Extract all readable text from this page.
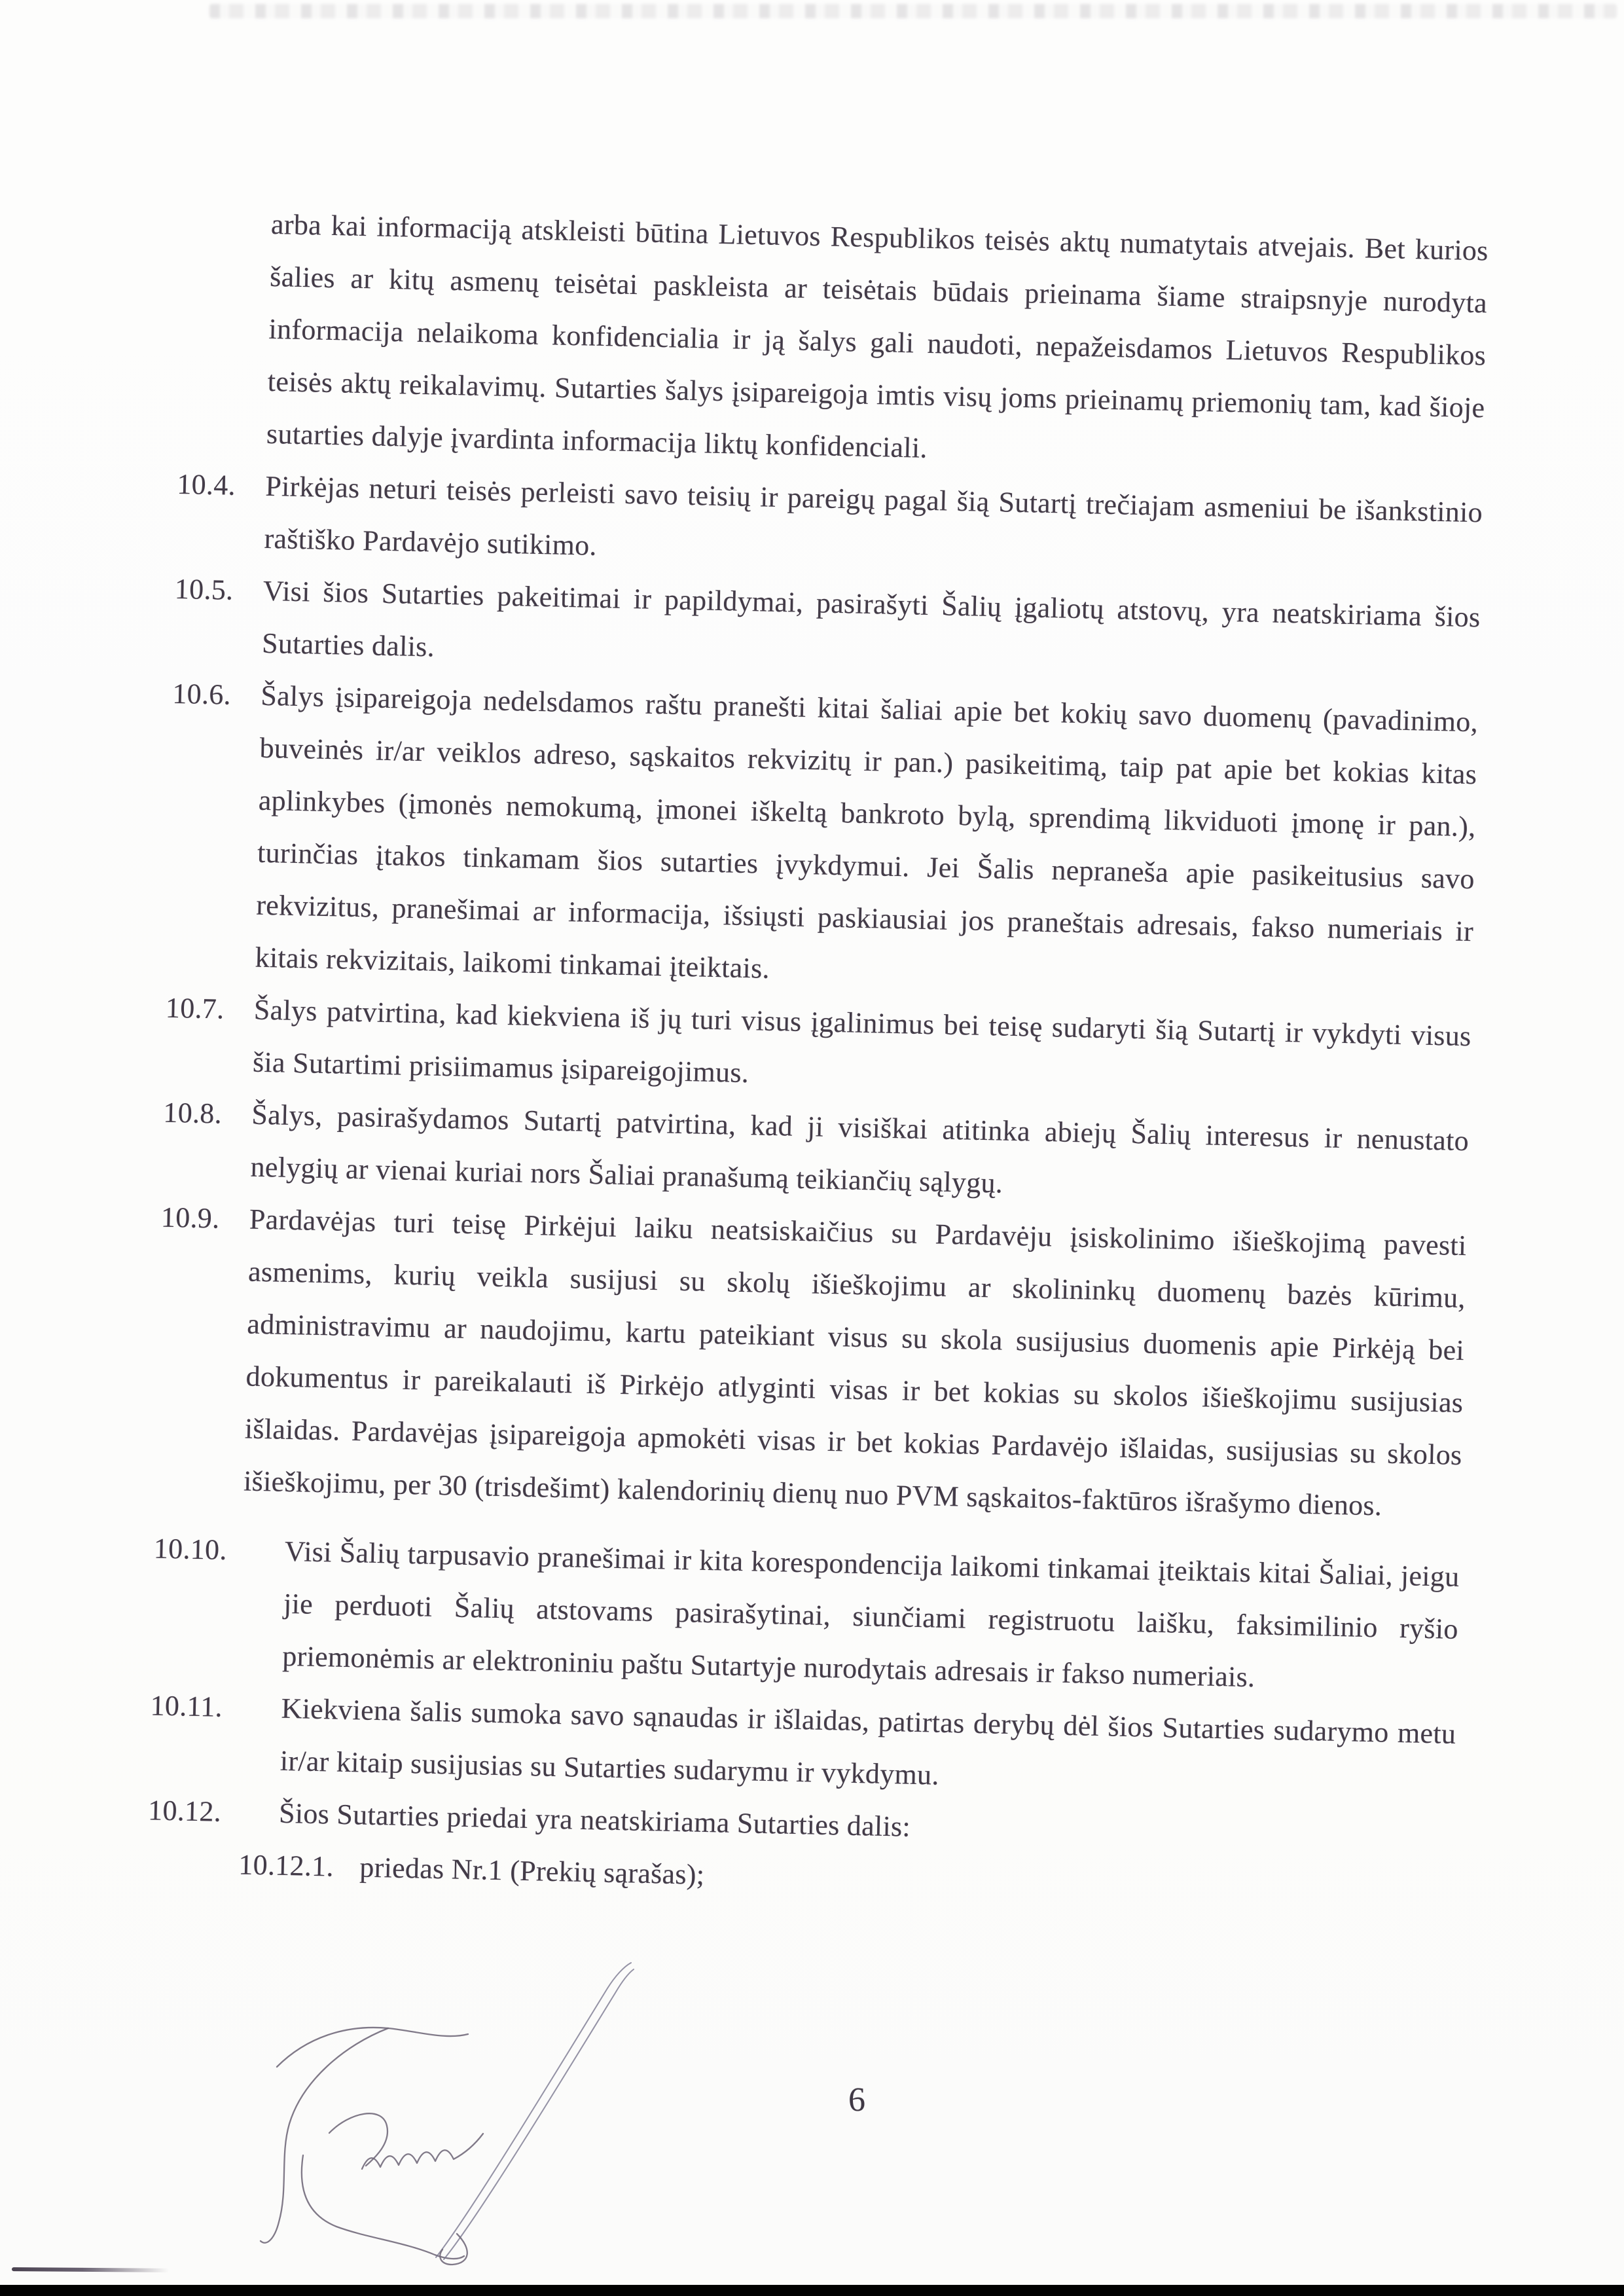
arba kai informaciją atskleisti būtina Lietuvos Respublikos teisės aktų numatytais atvejais. Bet kurios šalies ar kitų asmenų teisėtai paskleista ar teisėtais būdais prieinama šiame straipsnyje nurodyta informacija nelaikoma konfidencialia ir ją šalys gali naudoti, nepažeisdamos Lietuvos Respublikos teisės aktų reikalavimų. Sutarties šalys įsipareigoja imtis visų joms prieinamų priemonių tam, kad šioje sutarties dalyje įvardinta informacija liktų konfidenciali.

10.4. Pirkėjas neturi teisės perleisti savo teisių ir pareigų pagal šią Sutartį trečiajam asmeniui be išankstinio raštiško Pardavėjo sutikimo.
10.5. Visi šios Sutarties pakeitimai ir papildymai, pasirašyti Šalių įgaliotų atstovų, yra neatskiriama šios Sutarties dalis.
10.6. Šalys įsipareigoja nedelsdamos raštu pranešti kitai šaliai apie bet kokių savo duomenų (pavadinimo, buveinės ir/ar veiklos adreso, sąskaitos rekvizitų ir pan.) pasikeitimą, taip pat apie bet kokias kitas aplinkybes (įmonės nemokumą, įmonei iškeltą bankroto bylą, sprendimą likviduoti įmonę ir pan.), turinčias įtakos tinkamam šios sutarties įvykdymui. Jei Šalis nepraneša apie pasikeitusius savo rekvizitus, pranešimai ar informacija, išsiųsti paskiausiai jos praneštais adresais, fakso numeriais ir kitais rekvizitais, laikomi tinkamai įteiktais.
10.7. Šalys patvirtina, kad kiekviena iš jų turi visus įgalinimus bei teisę sudaryti šią Sutartį ir vykdyti visus šia Sutartimi prisiimamus įsipareigojimus.
10.8. Šalys, pasirašydamos Sutartį patvirtina, kad ji visiškai atitinka abiejų Šalių interesus ir nenustato nelygių ar vienai kuriai nors Šaliai pranašumą teikiančių sąlygų.
10.9. Pardavėjas turi teisę Pirkėjui laiku neatsiskaičius su Pardavėju įsiskolinimo išieškojimą pavesti asmenims, kurių veikla susijusi su skolų išieškojimu ar skolininkų duomenų bazės kūrimu, administravimu ar naudojimu, kartu pateikiant visus su skola susijusius duomenis apie Pirkėją bei dokumentus ir pareikalauti iš Pirkėjo atlyginti visas ir bet kokias su skolos išieškojimu susijusias išlaidas. Pardavėjas įsipareigoja apmokėti visas ir bet kokias Pardavėjo išlaidas, susijusias su skolos išieškojimu, per 30 (trisdešimt) kalendorinių dienų nuo PVM sąskaitos-faktūros išrašymo dienos.
10.10. Visi Šalių tarpusavio pranešimai ir kita korespondencija laikomi tinkamai įteiktais kitai Šaliai, jeigu jie perduoti Šalių atstovams pasirašytinai, siunčiami registruotu laišku, faksimilinio ryšio priemonėmis ar elektroniniu paštu Sutartyje nurodytais adresais ir fakso numeriais.
10.11. Kiekviena šalis sumoka savo sąnaudas ir išlaidas, patirtas derybų dėl šios Sutarties sudarymo metu ir/ar kitaip susijusias su Sutarties sudarymu ir vykdymu.
10.12. Šios Sutarties priedai yra neatskiriama Sutarties dalis:
10.12.1. priedas Nr.1 (Prekių sąrašas);
6
